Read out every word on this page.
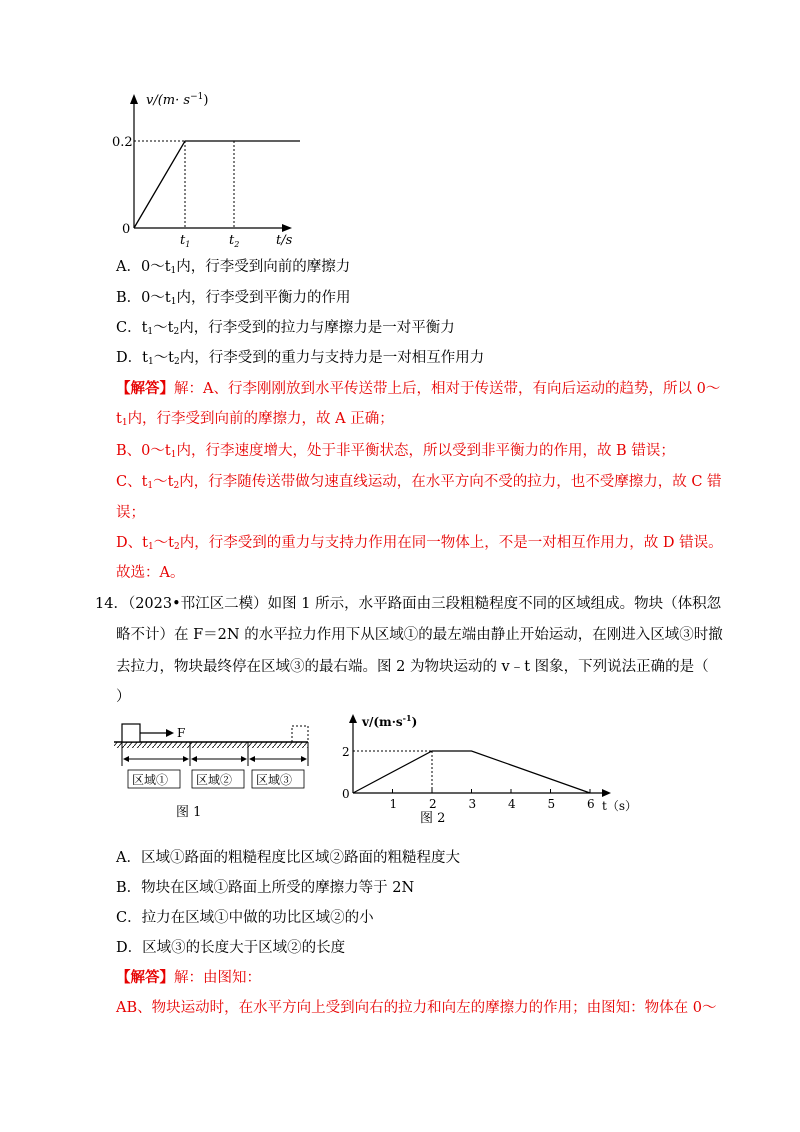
$v/(m\cdot s^{-1})$
0.2
0
$t_1$	$t_2$	t/s
A．$0\sim t_1$内，行李受到向前的摩擦力
B．$0\sim t_1$内，行李受到平衡力的作用
C．$t_1\sim t_2$内，行李受到的拉力与摩擦力是一对平衡力
D．$t_1\sim t_2$内，行李受到的重力与支持力是一对相互作用力
【解答】解：A、行李刚刚放到水平传送带上后，相对于传送带，有向后运动的趋势，所以 0～
$t_1$内，行李受到向前的摩擦力，故 A 正确；
B、$0\sim t_1$内，行李速度增大，处于非平衡状态，所以受到非平衡力的作用，故 B 错误；
C、$t_1\sim t_2$内，行李随传送带做匀速直线运动，在水平方向不受的拉力，也不受摩擦力，故 C 错
误；
D、$t_1\sim t_2$内，行李受到的重力与支持力作用在同一物体上，不是一对相互作用力，故 D 错误。
故选：A。
14．（2023•邗江区二模）如图 1 所示，水平路面由三段粗糙程度不同的区域组成。物块（体积忽
略不计）在 F＝2N 的水平拉力作用下从区域①的最左端由静止开始运动，在刚进入区域③时撤
去拉力，物块最终停在区域③的最右端。图 2 为物块运动的 v﹣t 图象，下列说法正确的是（
）
F
区域① 区域② 区域③
图 1
1	2	3	4	5	6
$v/(m\cdot s^{-1})$
2
0
t（s）
图 2
A．区域①路面的粗糙程度比区域②路面的粗糙程度大
B．物块在区域①路面上所受的摩擦力等于 2N
C．拉力在区域①中做的功比区域②的小
D．区域③的长度大于区域②的长度
【解答】解：由图知：
AB、物块运动时，在水平方向上受到向右的拉力和向左的摩擦力的作用；由图知：物体在 0～
